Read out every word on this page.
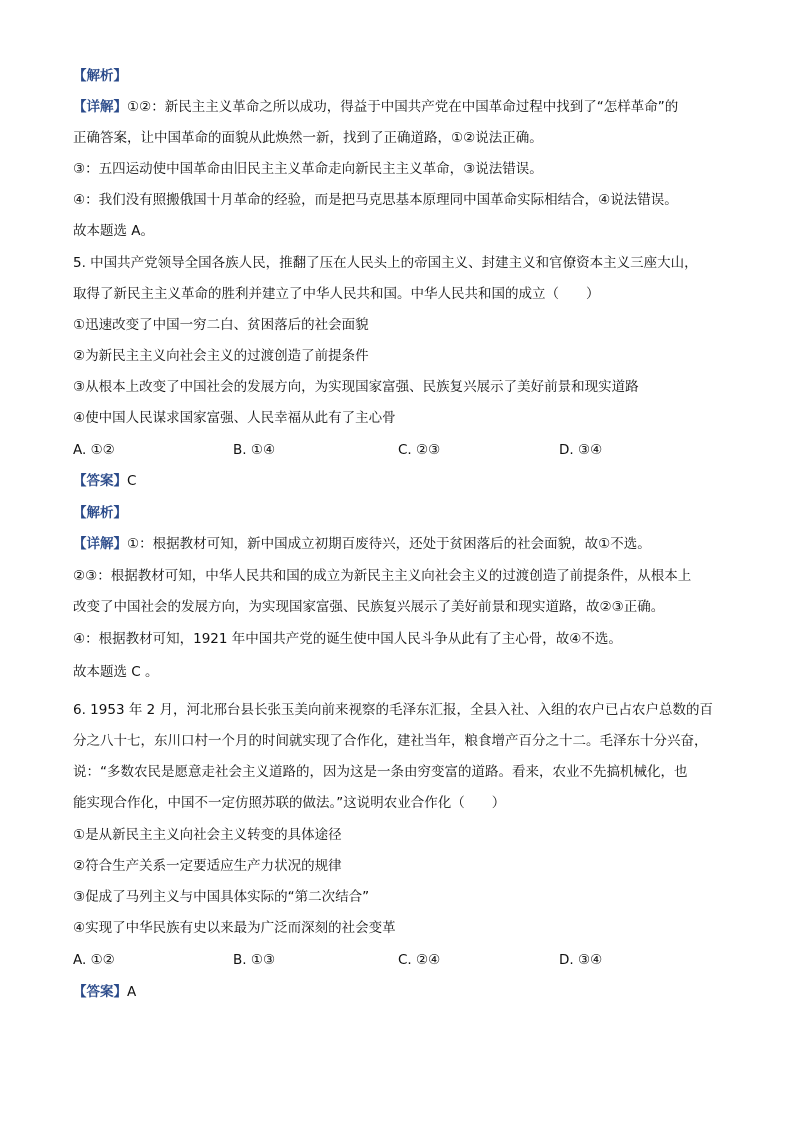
【解析】
【详解】①②：新民主主义革命之所以成功，得益于中国共产党在中国革命过程中找到了“怎样革命”的
正确答案，让中国革命的面貌从此焕然一新，找到了正确道路，①②说法正确。
③：五四运动使中国革命由旧民主主义革命走向新民主主义革命，③说法错误。
④：我们没有照搬俄国十月革命的经验，而是把马克思基本原理同中国革命实际相结合，④说法错误。
故本题选 A。
5. 中国共产党领导全国各族人民，推翻了压在人民头上的帝国主义、封建主义和官僚资本主义三座大山，
取得了新民主主义革命的胜利并建立了中华人民共和国。中华人民共和国的成立（　　）
①迅速改变了中国一穷二白、贫困落后的社会面貌
②为新民主主义向社会主义的过渡创造了前提条件
③从根本上改变了中国社会的发展方向，为实现国家富强、民族复兴展示了美好前景和现实道路
④使中国人民谋求国家富强、人民幸福从此有了主心骨
A. ①②	B. ①④	C. ②③	D. ③④
【答案】C
【解析】
【详解】①：根据教材可知，新中国成立初期百废待兴，还处于贫困落后的社会面貌，故①不选。
②③：根据教材可知，中华人民共和国的成立为新民主主义向社会主义的过渡创造了前提条件，从根本上
改变了中国社会的发展方向，为实现国家富强、民族复兴展示了美好前景和现实道路，故②③正确。
④：根据教材可知，1921 年中国共产党的诞生使中国人民斗争从此有了主心骨，故④不选。
故本题选 C 。
6. 1953 年 2 月，河北邢台县长张玉美向前来视察的毛泽东汇报，全县入社、入组的农户已占农户总数的百
分之八十七，东川口村一个月的时间就实现了合作化，建社当年，粮食增产百分之十二。毛泽东十分兴奋，
说：“多数农民是愿意走社会主义道路的，因为这是一条由穷变富的道路。看来，农业不先搞机械化，也
能实现合作化，中国不一定仿照苏联的做法。”这说明农业合作化（　　）
①是从新民主主义向社会主义转变的具体途径
②符合生产关系一定要适应生产力状况的规律
③促成了马列主义与中国具体实际的“第二次结合”
④实现了中华民族有史以来最为广泛而深刻的社会变革
A. ①②	B. ①③	C. ②④	D. ③④
【答案】A
